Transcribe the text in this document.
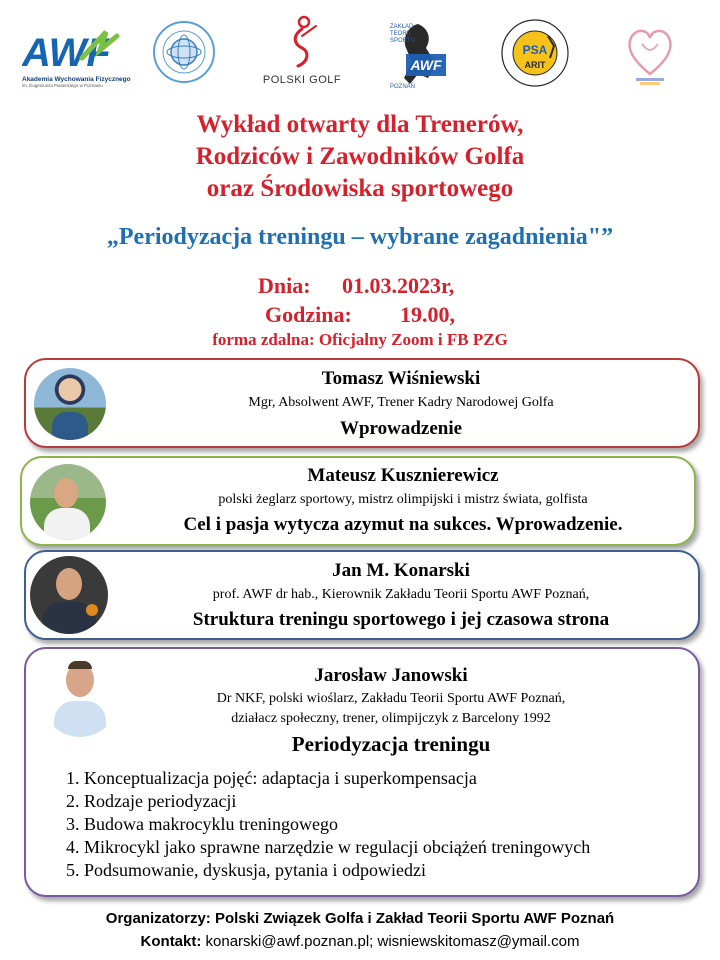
AWF
Akademia Wychowania Fizycznego
im. Eugeniusza Piaseckiego w Poznaniu	POLSKI GOLF
AWF
ZAKŁAD
TEORII
SPORTU
POZNAŃ
PSA
ARIT
Wykład otwarty dla Trenerów,
Rodziców i Zawodników Golfa
oraz Środowiska sportowego
„Periodyzacja treningu – wybrane zagadnienia"”
Dnia: 01.03.2023r,
Godzina: 19.00,
forma zdalna: Oficjalny Zoom i FB PZG
Tomasz Wiśniewski
Mgr, Absolwent AWF, Trener Kadry Narodowej Golfa
Wprowadzenie
Mateusz Kusznierewicz
polski żeglarz sportowy, mistrz olimpijski i mistrz świata, golfista
Cel i pasja wytycza azymut na sukces. Wprowadzenie.
Jan M. Konarski
prof. AWF dr hab., Kierownik Zakładu Teorii Sportu AWF Poznań,
Struktura treningu sportowego i jej czasowa strona
Jarosław Janowski
Dr NKF, polski wioślarz, Zakładu Teorii Sportu AWF Poznań,
działacz społeczny, trener, olimpijczyk z Barcelony 1992
Periodyzacja treningu
1. Konceptualizacja pojęć: adaptacja i superkompensacja
2. Rodzaje periodyzacji
3. Budowa makrocyklu treningowego
4. Mikrocykl jako sprawne narzędzie w regulacji obciążeń treningowych
5. Podsumowanie, dyskusja, pytania i odpowiedzi
Organizatorzy: Polski Związek Golfa i Zakład Teorii Sportu AWF Poznań
Kontakt: konarski@awf.poznan.pl; wisniewskitomasz@ymail.com
